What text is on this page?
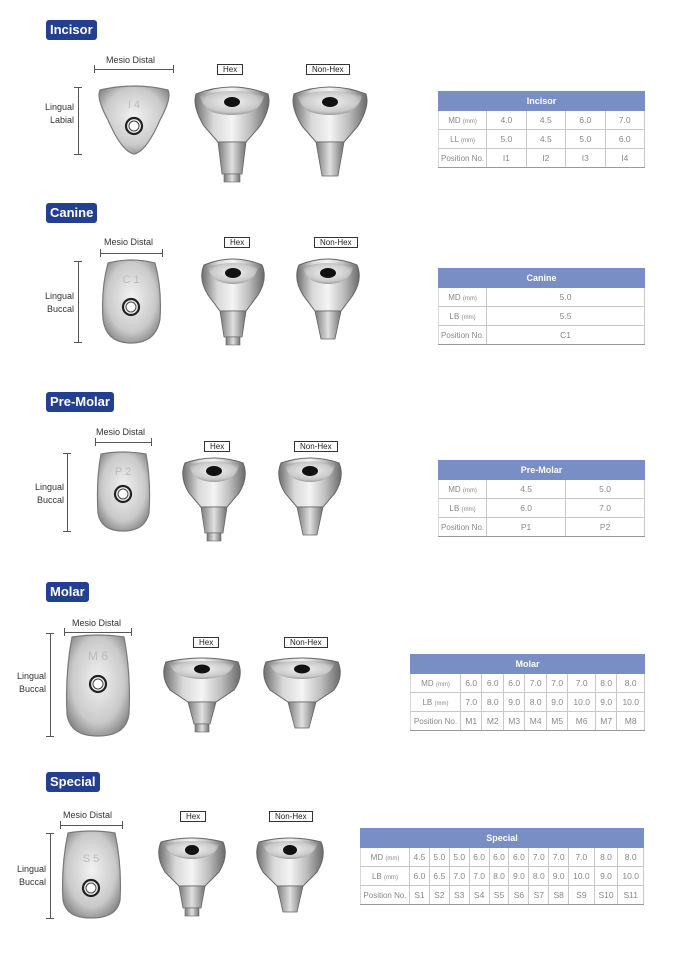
Incisor
Mesio Distal
Lingual
Labial
I 4
Hex	Non-Hex
Incisor				
MD (mm)	4.0	4.5	6.0	7.0
LL (mm)	5.0	4.5	5.0	6.0
Position No.	I1	I2	I3	I4
Canine
Mesio Distal
Lingual
Buccal
C 1
Hex	Non-Hex
Canine	
MD (mm)	5.0
LB (mm)	5.5
Position No.	C1
Pre-Molar
Mesio Distal
Lingual
Buccal
P 2
Hex	Non-Hex
Pre-Molar		
MD (mm)	4.5	5.0
LB (mm)	6.0	7.0
Position No.	P1	P2
Molar
Mesio Distal
Lingual
Buccal
M 6
Hex	Non-Hex
Molar								
MD (mm)	6.0	6.0	6.0	7.0	7.0	7.0	8.0	8.0
LB (mm)	7.0	8.0	9.0	8.0	9.0	10.0	9.0	10.0
Position No.	M1	M2	M3	M4	M5	M6	M7	M8
Special
Mesio Distal
Lingual
Buccal
S 5
Hex	Non-Hex
Special											
MD (mm)	4.5	5.0	5.0	6.0	6.0	6.0	7.0	7.0	7.0	8.0	8.0
LB (mm)	6.0	6.5	7.0	7.0	8.0	9.0	8.0	9.0	10.0	9.0	10.0
Position No.	S1	S2	S3	S4	S5	S6	S7	S8	S9	S10	S11
